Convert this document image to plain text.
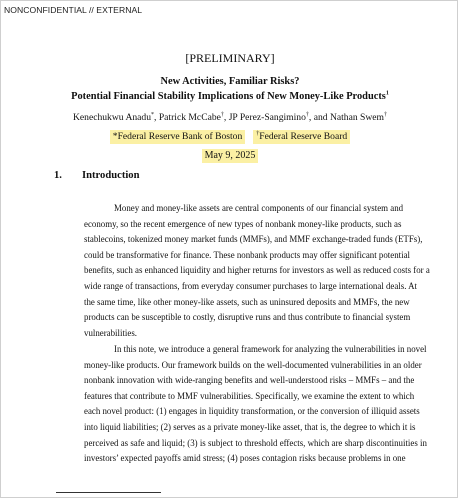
NONCONFIDENTIAL // EXTERNAL
[PRELIMINARY]
New Activities, Familiar Risks?
Potential Financial Stability Implications of New Money-Like Products$^1$
Kenechukwu Anadu*, Patrick McCabe†, JP Perez-Sangimino†, and Nathan Swem†
*Federal Reserve Bank of Boston †Federal Reserve Board
May 9, 2025
1. Introduction
Money and money-like assets are central components of our financial system and
economy, so the recent emergence of new types of nonbank money-like products, such as
stablecoins, tokenized money market funds (MMFs), and MMF exchange-traded funds (ETFs),
could be transformative for finance. These nonbank products may offer significant potential
benefits, such as enhanced liquidity and higher returns for investors as well as reduced costs for a
wide range of transactions, from everyday consumer purchases to large international deals. At
the same time, like other money-like assets, such as uninsured deposits and MMFs, the new
products can be susceptible to costly, disruptive runs and thus contribute to financial system
vulnerabilities.
In this note, we introduce a general framework for analyzing the vulnerabilities in novel
money-like products. Our framework builds on the well-documented vulnerabilities in an older
nonbank innovation with wide-ranging benefits and well-understood risks – MMFs – and the
features that contribute to MMF vulnerabilities. Specifically, we examine the extent to which
each novel product: (1) engages in liquidity transformation, or the conversion of illiquid assets
into liquid liabilities; (2) serves as a private money-like asset, that is, the degree to which it is
perceived as safe and liquid; (3) is subject to threshold effects, which are sharp discontinuities in
investors’ expected payoffs amid stress; (4) poses contagion risks because problems in one
